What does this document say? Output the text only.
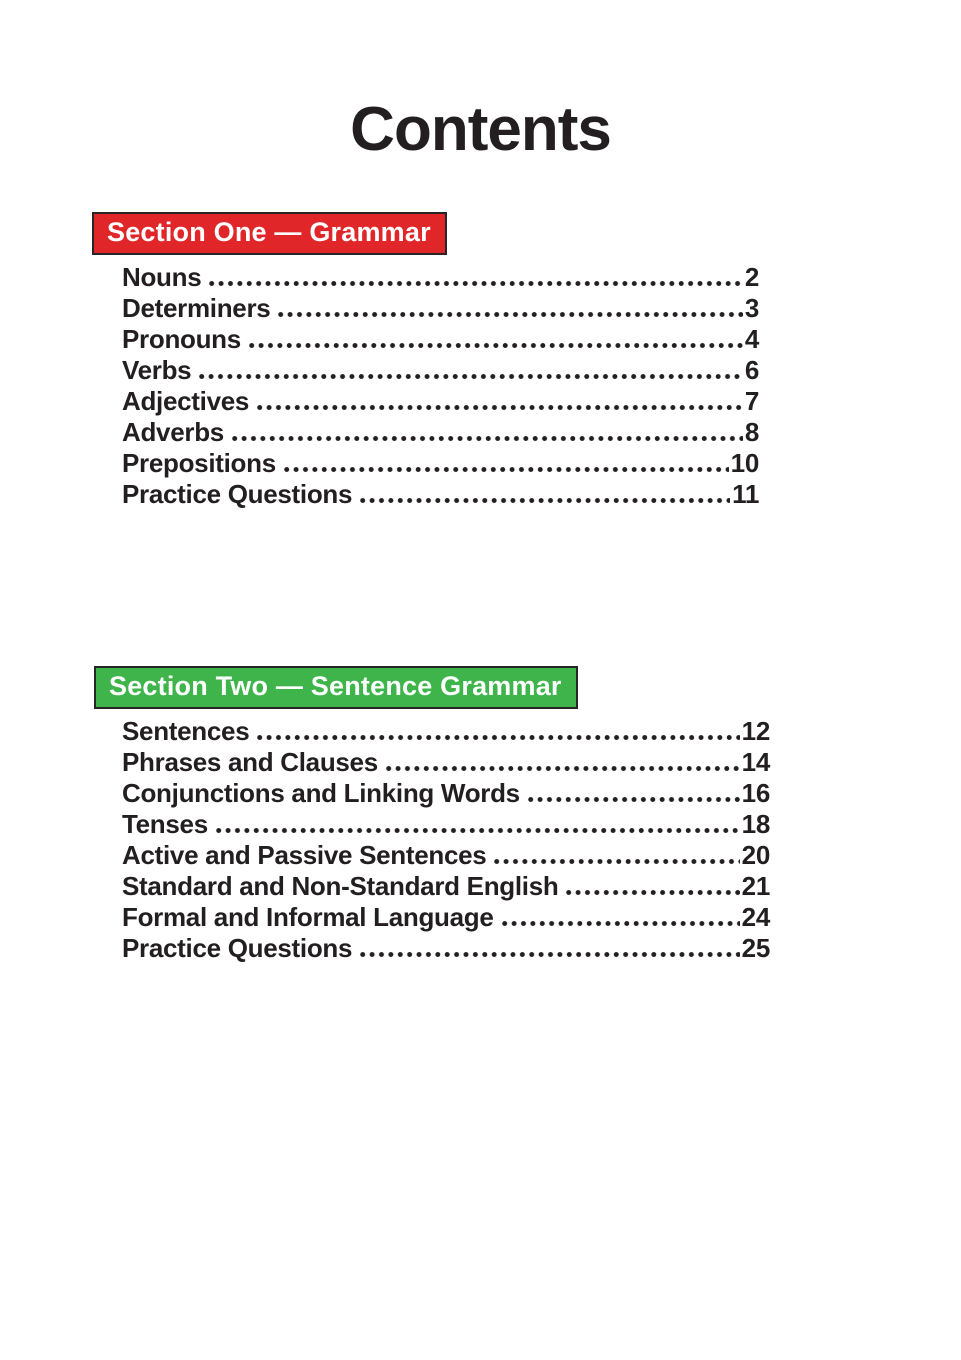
Contents
Section One — Grammar
Nouns	2
Determiners	3
Pronouns	4
Verbs	6
Adjectives	7
Adverbs	8
Prepositions	10
Practice Questions	11
Section Two — Sentence Grammar
Sentences	12
Phrases and Clauses	14
Conjunctions and Linking Words	16
Tenses	18
Active and Passive Sentences	20
Standard and Non-Standard English	21
Formal and Informal Language	24
Practice Questions	25
